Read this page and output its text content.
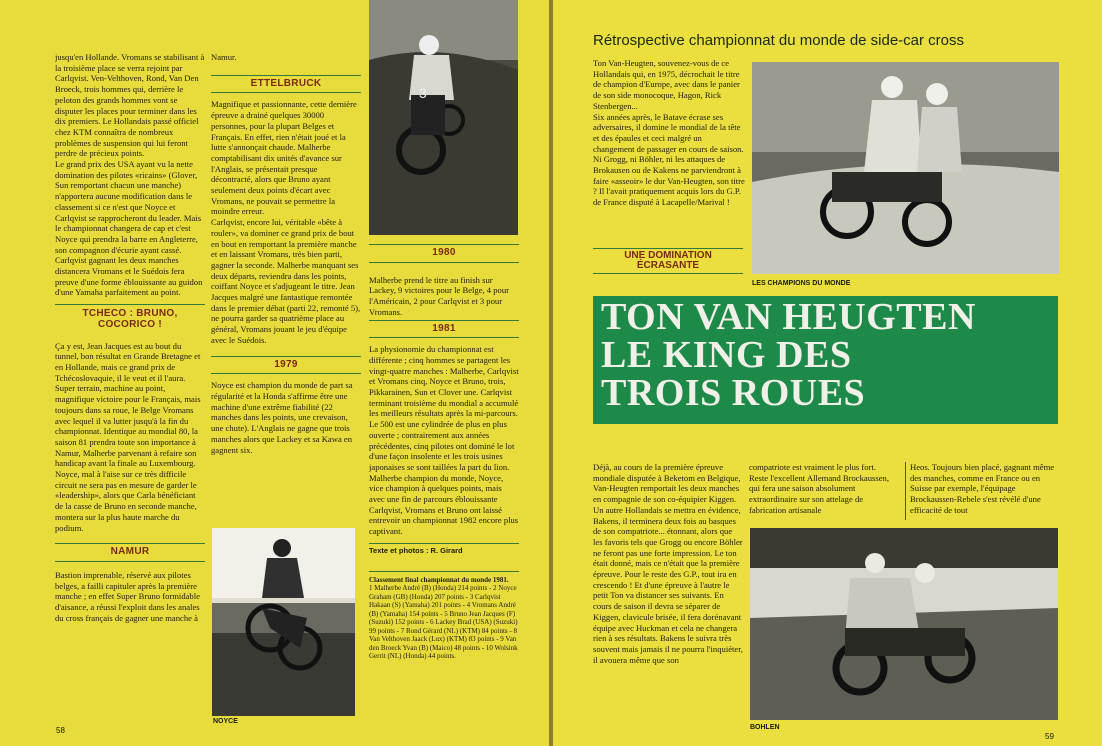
jusqu'en Hollande. Vromans se stabilisant à la troisième place se verra rejoint par Carlqvist. Ven-Velthoven, Rond, Van Den Broeck, trois hommes qui, derrière le peloton des grands hommes vont se disputer les places pour terminer dans les dix premiers. Le Hollandais passé officiel chez KTM connaîtra de nombreux problèmes de suspension qui lui feront perdre de précieux points.

Le grand prix des USA ayant vu la nette domination des pilotes «ricains» (Glover, Sun remportant chacun une manche) n'apportera aucune modification dans le classement si ce n'est que Noyce et Carlqvist se rapprocheront du leader. Mais le championnat changera de cap et c'est Noyce qui prendra la barre en Angleterre, son compagnon d'écurie ayant cassé. Carlqvist gagnant les deux manches distancera Vromans et le Suédois fera preuve d'une forme éblouissante au guidon d'une Yamaha parfaitement au point.

TCHECO : BRUNO, COCORICO !

Ça y est, Jean Jacques est au bout du tunnel, bon résultat en Grande Bretagne et en Hollande, mais ce grand prix de Tchécoslovaquie, il le veut et il l'aura. Super terrain, machine au point, magnifique victoire pour le Français, mais toujours dans sa roue, le Belge Vromans avec lequel il va lutter jusqu'à la fin du championnat. Identique au mondial 80, la saison 81 prendra toute son importance à Namur, Malherbe parvenant à refaire son handicap avant la finale au Luxembourg. Noyce, mal à l'aise sur ce très difficile circuit ne sera pas en mesure de garder le «leadership», alors que Carla bénéficiant de la casse de Bruno en seconde manche, montera sur la plus haute marche du podium.

NAMUR

Bastion imprenable, réservé aux pilotes belges, a failli capituler après la première manche ; en effet Super Bruno formidable d'aisance, a réussi l'exploit dans les anales du cross français de gagner une manche à

Namur.

ETTELBRUCK

Magnifique et passionnante, cette dernière épreuve a drainé quelques 30000 personnes, pour la plupart Belges et Français. En effet, rien n'était joué et la lutte s'annonçait chaude. Malherbe comptabilisant dix unités d'avance sur l'Anglais, se présentait presque décontracté, alors que Bruno ayant seulement deux points d'écart avec Vromans, ne pouvait se permettre la moindre erreur.

Carlqvist, encore lui, véritable «bête à rouler», va dominer ce grand prix de bout en bout en remportant la première manche et en laissant Vromans, très bien parti, gagner la seconde. Malherbe manquant ses deux départs, reviendra dans les points, coiffant Noyce et s'adjugeant le titre. Jean Jacques malgré une fantastique remontée dans le premier débat (parti 22, remonté 5), ne pourra garder sa quatrième place au général, Vromans jouant le jeu d'équipe avec le Suédois.

1979

Noyce est champion du monde de part sa régularité et la Honda s'affirme être une machine d'une extrême fiabilité (22 manches dans les points, une crevaison, une chute). L'Anglais ne gagne que trois manches alors que Lackey et sa Kawa en gagnent six.

NOYCE
3
1980

Malherbe prend le titre au finish sur Lackey, 9 victoires pour le Belge, 4 pour l'Américain, 2 pour Carlqvist et 3 pour Vromans.

1981

La physionomie du championnat est différente ; cinq hommes se partagent les vingt-quatre manches : Malherbe, Carlqvist et Vromans cinq, Noyce et Bruno, trois, Pikkarainen, Sun et Clover une. Carlqvist terminant troisième du mondial a accumulé les meilleurs résultats après la mi-parcours. Le 500 est une cylindrée de plus en plus ouverte ; contrairement aux années précédentes, cinq pilotes ont dominé le lot d'une façon insolente et les trois usines japonaises se sont taillées la part du lion.

Malherbe champion du monde, Noyce, vice champion à quelques points, mais avec une fin de parcours éblouissante Carlqvist, Vromans et Bruno ont laissé entrevoir un championnat 1982 encore plus captivant.

Texte et photos : R. Girard
Classement final championnat du monde 1981.
1 Malherbe André (B) (Honda) 214 points - 2 Noyce Graham (GB) (Honda) 207 points - 3 Carlqvist Hakaan (S) (Yamaha) 201 points - 4 Vromans André (B) (Yamaha) 154 points - 5 Bruno Jean Jacques (F) (Suzuki) 152 points - 6 Lackey Brad (USA) (Suzuki) 99 points - 7 Rond Gérard (NL) (KTM) 84 points - 8 Van Velthoven Jaack (Lux) (KTM) 83 points - 9 Van den Broeck Yvan (B) (Maico) 48 points - 10 Wolsink Gerrit (NL) (Honda) 44 points.
58
Rétrospective championnat du monde de side-car cross

Ton Van-Heugten, souvenez-vous de ce Hollandais qui, en 1975, décrochait le titre de champion d'Europe, avec dans le panier de son side monocoque, Hagon, Rick Stenbergen...

Six années après, le Batave écrase ses adversaires, il domine le mondial de la tête et des épaules et ceci malgré un changement de passager en cours de saison. Ni Grogg, ni Böhler, ni les attaques de Brokausen ou de Kakens ne parviendront à faire «asseoir» le dur Van-Heugten, son titre ? Il l'avait pratiquement acquis lors du G.P. de France disputé à Lacapelle/Marival !

UNE DOMINATION ÉCRASANTE
LES CHAMPIONS DU MONDE
TON VAN HEUGTEN
LE KING DES
TROIS ROUES

Déjà, au cours de la première épreuve mondiale disputée à Beketom en Belgique, Van-Heugten remportait les deux manches en compagnie de son co-équipier Kiggen. Un autre Hollandais se mettra en évidence, Bakens, il terminera deux fois au basques de son compatriote... étonnant, alors que les favoris tels que Grogg ou encore Böhler ne feront pas une forte impression. Le ton était donné, mais ce n'était que la première épreuve. Pour le reste des G.P., tout ira en crescendo ! Et d'une épreuve à l'autre le petit Ton va distancer ses suivants. En cours de saison il devra se séparer de Kiggen, clavicule brisée, il fera dorénavant équipe avec Huckman et cela ne changera rien à ses résultats. Bakens le suivra très souvent mais jamais il ne pourra l'inquiéter, il avouera même que son

compatriote est vraiment le plus fort. Reste l'excellent Allemand Brockaussen, qui fera une saison absolument extraordinaire sur son attelage de fabrication artisanale

Heos. Toujours bien placé, gagnant même des manches, comme en France ou en Suisse par exemple, l'équipage Brockaussen-Rebele s'est révélé d'une efficacité de tout

BOHLEN
59
